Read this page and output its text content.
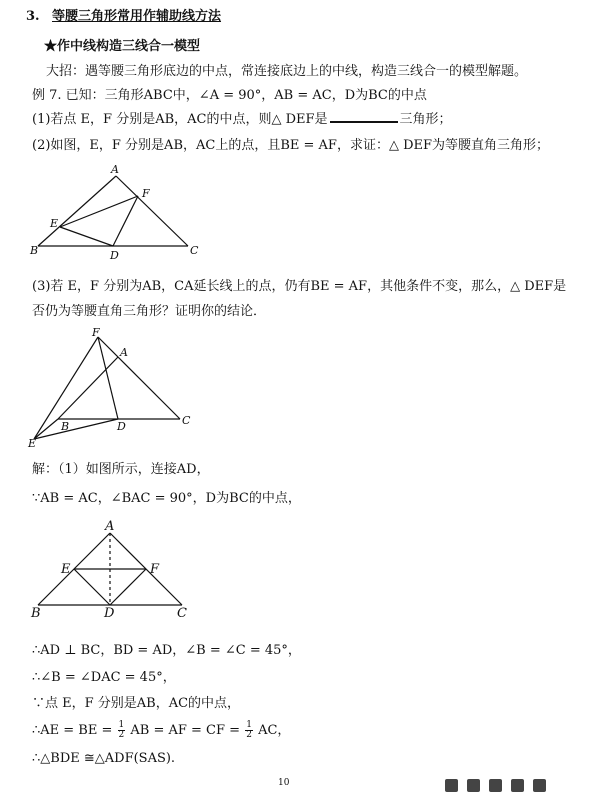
3. 等腰三角形常用作辅助线方法
★作中线构造三线合一模型
大招：遇等腰三角形底边的中点，常连接底边上的中线，构造三线合一的模型解题。
例 7. 已知：三角形ABC中，∠A = 90°，AB = AC，D为BC的中点
(1)若点 E，F 分别是AB，AC的中点，则△ DEF是	三角形；
(2)如图，E，F 分别是AB，AC上的点，且BE = AF，求证：△ DEF为等腰直角三角形；
A
B	C
D
E
F
(3)若 E，F 分别为AB，CA延长线上的点，仍有BE = AF，其他条件不变，那么，△ DEF是
否仍为等腰直角三角形？证明你的结论．
F
A
B	C
D
E
解：（1）如图所示，连接AD，
∵AB = AC，∠BAC = 90°，D为BC的中点，
A
B	C
D
E	F
∴AD ⊥ BC，BD = AD，∠B = ∠C = 45°，
∴∠B = ∠DAC = 45°，
∵点 E，F 分别是AB，AC的中点，
∴AE = BE = $\frac{1}{2}$ AB = AF = CF = $\frac{1}{2}$ AC，
∴△BDE ≅△ADF(SAS).
10
